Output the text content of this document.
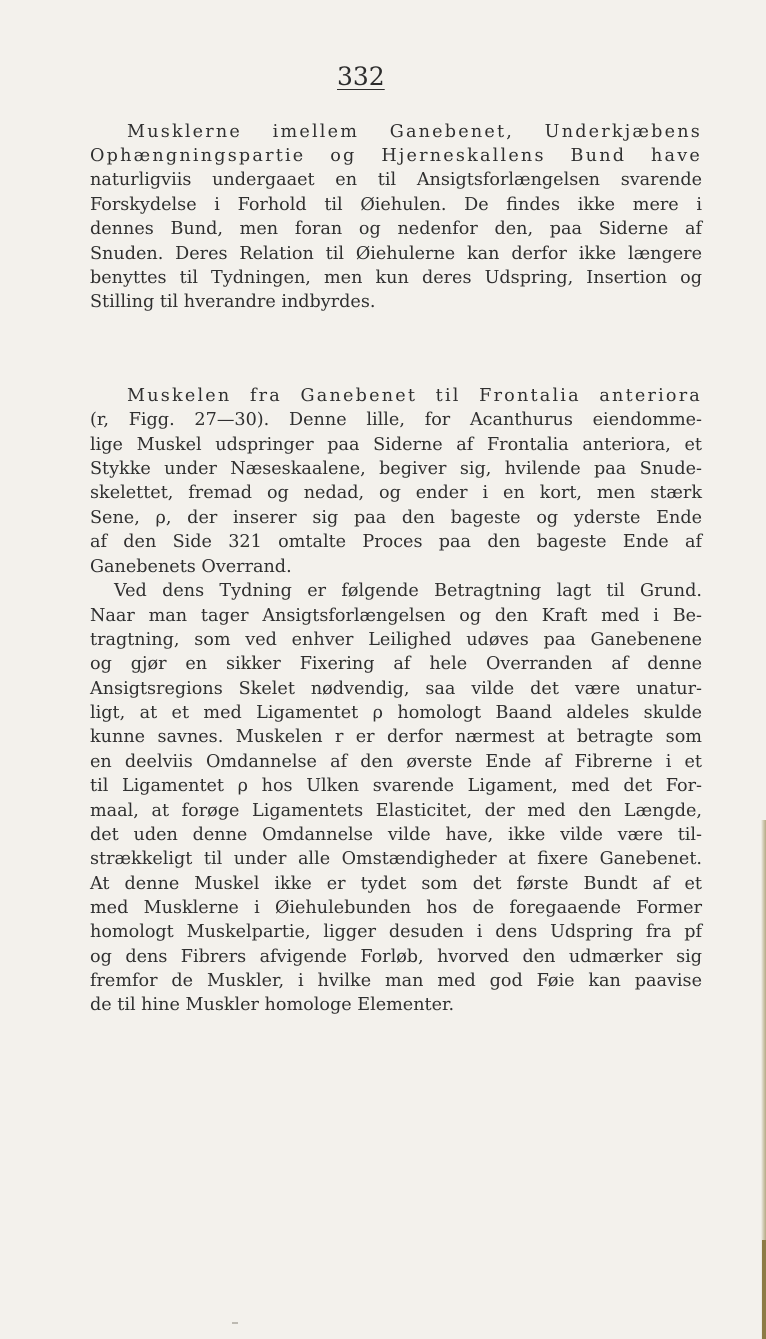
332
Musklerne imellem Ganebenet, Underkjæbens
Ophængningspartie og Hjerneskallens Bund have
naturligviis undergaaet en til Ansigtsforlængelsen svarende
Forskydelse i Forhold til Øiehulen. De findes ikke mere i
dennes Bund, men foran og nedenfor den, paa Siderne af
Snuden. Deres Relation til Øiehulerne kan derfor ikke længere
benyttes til Tydningen, men kun deres Udspring, Insertion og
Stilling til hverandre indbyrdes.
Muskelen fra Ganebenet til Frontalia anteriora
(r, Figg. 27—30). Denne lille, for Acanthurus eiendomme-
lige Muskel udspringer paa Siderne af Frontalia anteriora, et
Stykke under Næseskaalene, begiver sig, hvilende paa Snude-
skelettet, fremad og nedad, og ender i en kort, men stærk
Sene, ρ, der inserer sig paa den bageste og yderste Ende
af den Side 321 omtalte Proces paa den bageste Ende af
Ganebenets Overrand.
Ved dens Tydning er følgende Betragtning lagt til Grund.
Naar man tager Ansigtsforlængelsen og den Kraft med i Be-
tragtning, som ved enhver Leilighed udøves paa Ganebenene
og gjør en sikker Fixering af hele Overranden af denne
Ansigtsregions Skelet nødvendig, saa vilde det være unatur-
ligt, at et med Ligamentet ρ homologt Baand aldeles skulde
kunne savnes. Muskelen r er derfor nærmest at betragte som
en deelviis Omdannelse af den øverste Ende af Fibrerne i et
til Ligamentet ρ hos Ulken svarende Ligament, med det For-
maal, at forøge Ligamentets Elasticitet, der med den Længde,
det uden denne Omdannelse vilde have, ikke vilde være til-
strækkeligt til under alle Omstændigheder at fixere Ganebenet.
At denne Muskel ikke er tydet som det første Bundt af et
med Musklerne i Øiehulebunden hos de foregaaende Former
homologt Muskelpartie, ligger desuden i dens Udspring fra pf
og dens Fibrers afvigende Forløb, hvorved den udmærker sig
fremfor de Muskler, i hvilke man med god Føie kan paavise
de til hine Muskler homologe Elementer.
